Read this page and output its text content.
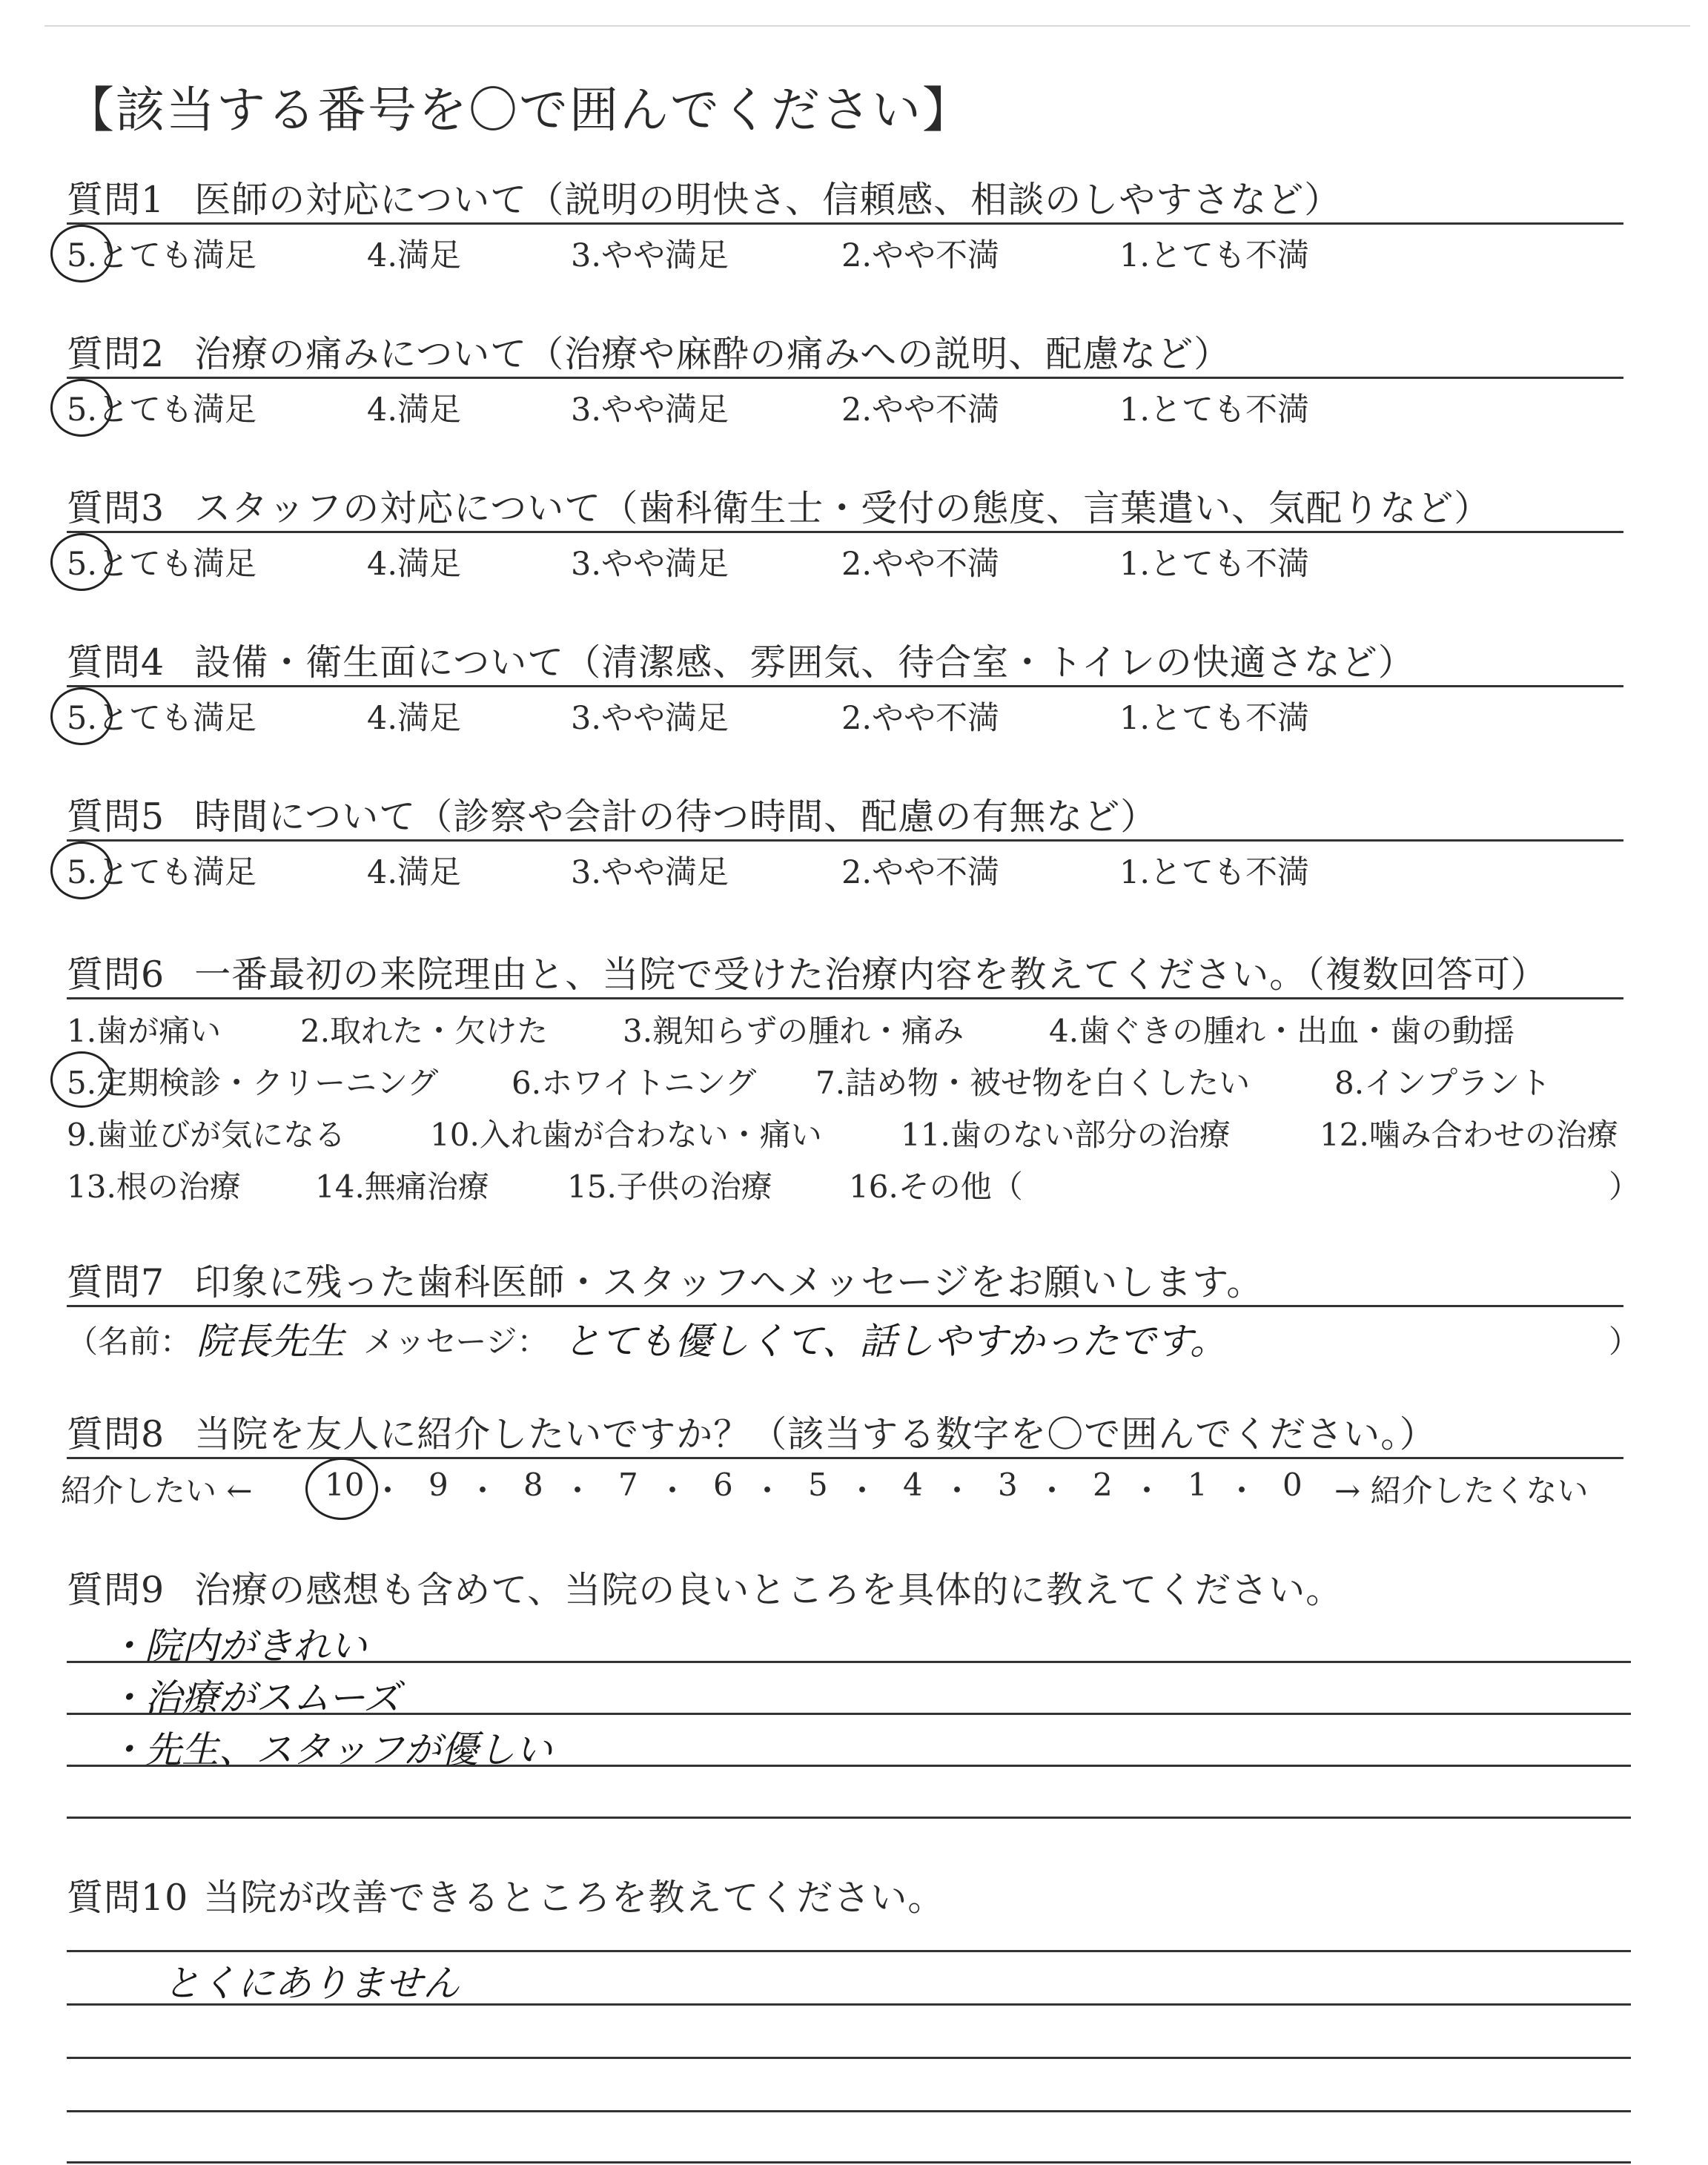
【該当する番号を〇で囲んでください】
質問1 医師の対応について（説明の明快さ、信頼感、相談のしやすさなど）
5.とても満足	4.満足	3.やや満足	2.やや不満	1.とても不満
質問2 治療の痛みについて（治療や麻酔の痛みへの説明、配慮など）
5.とても満足	4.満足	3.やや満足	2.やや不満	1.とても不満
質問3 スタッフの対応について（歯科衛生士・受付の態度、言葉遣い、気配りなど）
5.とても満足	4.満足	3.やや満足	2.やや不満	1.とても不満
質問4 設備・衛生面について（清潔感、雰囲気、待合室・トイレの快適さなど）
5.とても満足	4.満足	3.やや満足	2.やや不満	1.とても不満
質問5 時間について（診察や会計の待つ時間、配慮の有無など）
5.とても満足	4.満足	3.やや満足	2.やや不満	1.とても不満
質問6 一番最初の来院理由と、当院で受けた治療内容を教えてください。（複数回答可）
1.歯が痛い	2.取れた・欠けた 3.親知らずの腫れ・痛み	4.歯ぐきの腫れ・出血・歯の動揺
5.定期検診・クリーニング 6.ホワイトニング 7.詰め物・被せ物を白くしたい	8.インプラント
9.歯並びが気になる	10.入れ歯が合わない・痛い	11.歯のない部分の治療	12.噛み合わせの治療
13.根の治療 14.無痛治療	15.子供の治療 16.その他（	）
質問7 印象に残った歯科医師・スタッフへメッセージをお願いします。
（名前： 院長先生 メッセージ： とても優しくて、話しやすかったです。	）
質問8 当院を友人に紹介したいですか？（該当する数字を〇で囲んでください。）
紹介したい ←	→ 紹介したくない
10 ・ 9 ・ 8 ・ 7 ・ 6 ・ 5 ・ 4 ・ 3 ・ 2 ・ 1 ・ 0
質問9 治療の感想も含めて、当院の良いところを具体的に教えてください。
・院内がきれい
・治療がスムーズ
・先生、スタッフが優しい
質問10 当院が改善できるところを教えてください。
とくにありません
